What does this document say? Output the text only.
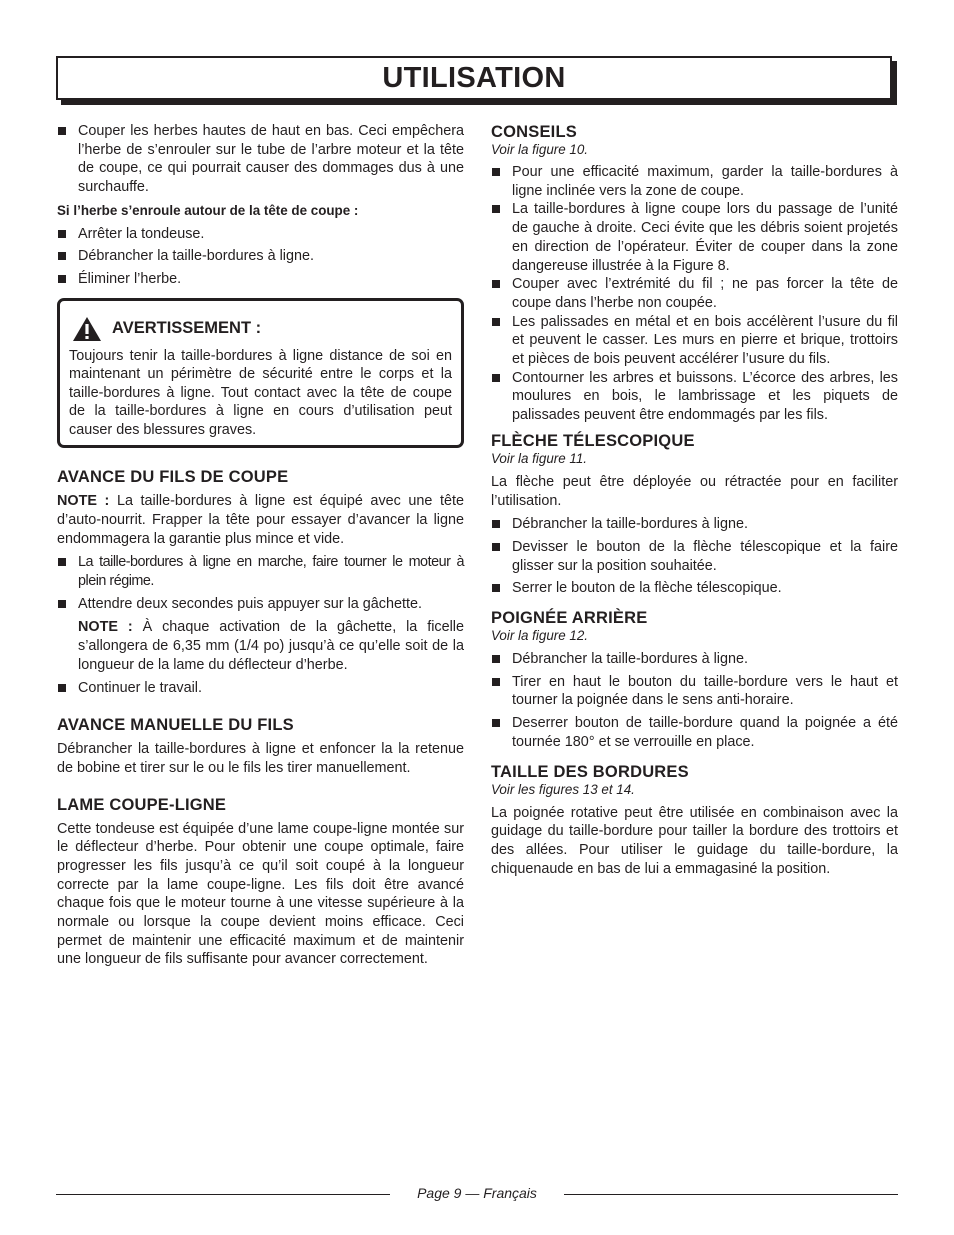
UTILISATION
Couper les herbes hautes de haut en bas. Ceci empêchera l’herbe de s’enrouler sur le tube de l’arbre moteur et la tête de coupe, ce qui pourrait causer des dommages dus à une surchauffe.

Si l’herbe s’enroule autour de la tête de coupe :

Arrêter la tondeuse.
Débrancher la taille-bordures à ligne.
Éliminer l’herbe.
AVERTISSEMENT :

Toujours tenir la taille-bordures à ligne distance de soi en maintenant un périmètre de sécurité entre le corps et la taille-bordures à ligne. Tout contact avec la tête de coupe de la taille-bordures à ligne en cours d’utilisation peut causer des blessures graves.

AVANCE DU FILS DE COUPE

NOTE : La taille-bordures à ligne est équipé avec une tête d’auto-nourrit. Frapper la tête pour essayer d’avancer la ligne endommagera la garantie plus mince et vide.

La taille-bordures à ligne en marche, faire tourner le moteur à plein régime.
Attendre deux secondes puis appuyer sur la gâchette.

NOTE : À chaque activation de la gâchette, la ficelle s’allongera de 6,35 mm (1/4 po) jusqu’à ce qu’elle soit de la longueur de la lame du déflecteur d’herbe.

Continuer le travail.
AVANCE MANUELLE DU FILS

Débrancher la taille-bordures à ligne et enfoncer la la retenue de bobine et tirer sur le ou le fils les tirer manuellement.

LAME COUPE-LIGNE

Cette tondeuse est équipée d’une lame coupe-ligne montée sur le déflecteur d’herbe. Pour obtenir une coupe optimale, faire progresser les fils jusqu’à ce qu’il soit coupé à la longueur correcte par la lame coupe-ligne. Les fils doit être avancé chaque fois que le moteur tourne à une vitesse supérieure à la normale ou lorsque la coupe devient moins efficace. Ceci permet de maintenir une efficacité maximum et de maintenir une longueur de fils suffisante pour avancer correctement.

CONSEILS

Voir la figure 10.

Pour une efficacité maximum, garder la taille-bordures à ligne inclinée vers la zone de coupe.
La taille-bordures à ligne coupe lors du passage de l’unité de gauche à droite. Ceci évite que les débris soient projetés en direction de l’opérateur. Éviter de couper dans la zone dangereuse illustrée à la Figure 8.
Couper avec l’extrémité du fil ; ne pas forcer la tête de coupe dans l’herbe non coupée.
Les palissades en métal et en bois accélèrent l’usure du fil et peuvent le casser. Les murs en pierre et brique, trottoirs et pièces de bois peuvent accélérer l’usure du fils.
Contourner les arbres et buissons. L’écorce des arbres, les moulures en bois, le lambrissage et les piquets de palissades peuvent être endommagés par les fils.
FLÈCHE TÉLESCOPIQUE

Voir la figure 11.

La flèche peut être déployée ou rétractée pour en faciliter l’utilisation.

Débrancher la taille-bordures à ligne.
Devisser le bouton de la flèche télescopique et la faire glisser sur la position souhaitée.
Serrer le bouton de la flèche télescopique.
POIGNÉE ARRIÈRE

Voir la figure 12.

Débrancher la taille-bordures à ligne.
Tirer en haut le bouton du taille-bordure vers le haut et tourner la poignée dans le sens anti-horaire.
Deserrer bouton de taille-bordure quand la poignée a été tournée 180° et se verrouille en place.
TAILLE DES BORDURES

Voir les figures 13 et 14.

La poignée rotative peut être utilisée en combinaison avec la guidage du taille-bordure pour tailler la bordure des trottoirs et des allées. Pour utiliser le guidage du taille-bordure, la chiquenaude en bas de lui a emmagasiné la position.

Page 9 — Français
